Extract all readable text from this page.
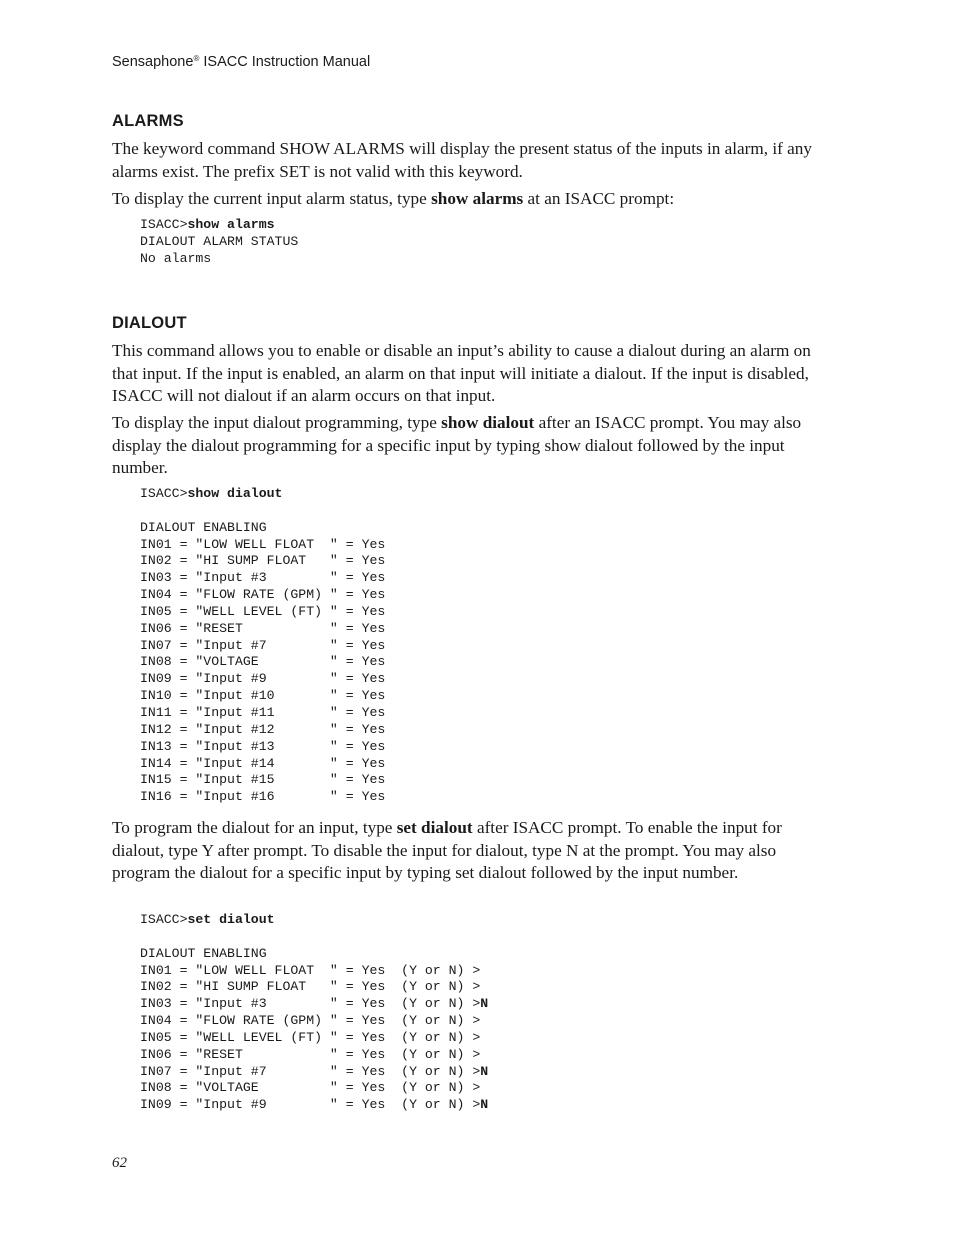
Sensaphone® ISACC Instruction Manual
ALARMS

The keyword command SHOW ALARMS will display the present status of the inputs in alarm, if any alarms exist. The prefix SET is not valid with this keyword.

To display the current input alarm status, type show alarms at an ISACC prompt:

ISACC>show alarms
DIALOUT ALARM STATUS
No alarms
DIALOUT

This command allows you to enable or disable an input’s ability to cause a dialout during an alarm on that input. If the input is enabled, an alarm on that input will initiate a dialout. If the input is disabled, ISACC will not dialout if an alarm occurs on that input.

To display the input dialout programming, type show dialout after an ISACC prompt. You may also display the dialout programming for a specific input by typing show dialout followed by the input number.

ISACC>show dialout
DIALOUT ENABLING
IN01 = "LOW WELL FLOAT  " = Yes
IN02 = "HI SUMP FLOAT   " = Yes
IN03 = "Input #3        " = Yes
IN04 = "FLOW RATE (GPM) " = Yes
IN05 = "WELL LEVEL (FT) " = Yes
IN06 = "RESET           " = Yes
IN07 = "Input #7        " = Yes
IN08 = "VOLTAGE         " = Yes
IN09 = "Input #9        " = Yes
IN10 = "Input #10       " = Yes
IN11 = "Input #11       " = Yes
IN12 = "Input #12       " = Yes
IN13 = "Input #13       " = Yes
IN14 = "Input #14       " = Yes
IN15 = "Input #15       " = Yes
IN16 = "Input #16       " = Yes

To program the dialout for an input, type set dialout after ISACC prompt. To enable the input for dialout, type Y after prompt. To disable the input for dialout, type N at the prompt. You may also program the dialout for a specific input by typing set dialout followed by the input number.

ISACC>set dialout
DIALOUT ENABLING
IN01 = "LOW WELL FLOAT  " = Yes  (Y or N) >
IN02 = "HI SUMP FLOAT   " = Yes  (Y or N) >
IN03 = "Input #3        " = Yes  (Y or N) >N
IN04 = "FLOW RATE (GPM) " = Yes  (Y or N) >
IN05 = "WELL LEVEL (FT) " = Yes  (Y or N) >
IN06 = "RESET           " = Yes  (Y or N) >
IN07 = "Input #7        " = Yes  (Y or N) >N
IN08 = "VOLTAGE         " = Yes  (Y or N) >
IN09 = "Input #9        " = Yes  (Y or N) >N
62
